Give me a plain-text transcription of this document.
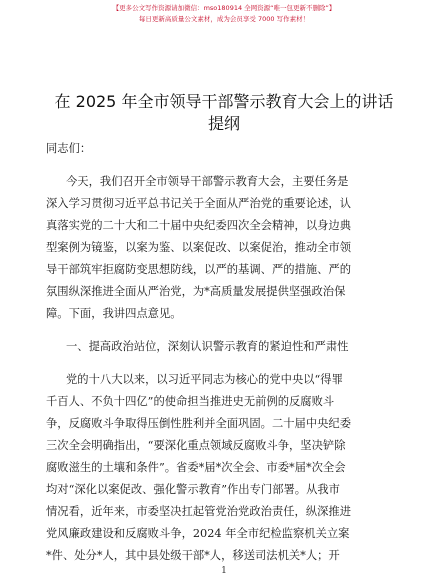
【更多公文写作资源请加微信：mso180914 全网资源“唯一包更新不删除”】
每日更新高质量公文素材，成为会员享受 7000 写作素材！
在 2025 年全市领导干部警示教育大会上的讲话
提纲
同志们：
今天，我们召开全市领导干部警示教育大会，主要任务是
深入学习贯彻习近平总书记关于全面从严治党的重要论述，认
真落实党的二十大和二十届中央纪委四次全会精神，以身边典
型案例为镜鉴，以案为鉴、以案促改、以案促治，推动全市领
导干部筑牢拒腐防变思想防线，以严的基调、严的措施、严的
氛围纵深推进全面从严治党，为*高质量发展提供坚强政治保
障。下面，我讲四点意见。
一、提高政治站位，深刻认识警示教育的紧迫性和严肃性
党的十八大以来，以习近平同志为核心的党中央以“得罪
千百人、不负十四亿”的使命担当推进史无前例的反腐败斗
争，反腐败斗争取得压倒性胜利并全面巩固。二十届中央纪委
三次全会明确指出，“要深化重点领域反腐败斗争，坚决铲除
腐败滋生的土壤和条件”。省委*届*次全会、市委*届*次全会
均对“深化以案促改、强化警示教育”作出专门部署。从我市
情况看，近年来，市委坚决扛起管党治党政治责任，纵深推进
党风廉政建设和反腐败斗争，2024 年全市纪检监察机关立案
*件、处分*人，其中县处级干部*人，移送司法机关*人；开
1
